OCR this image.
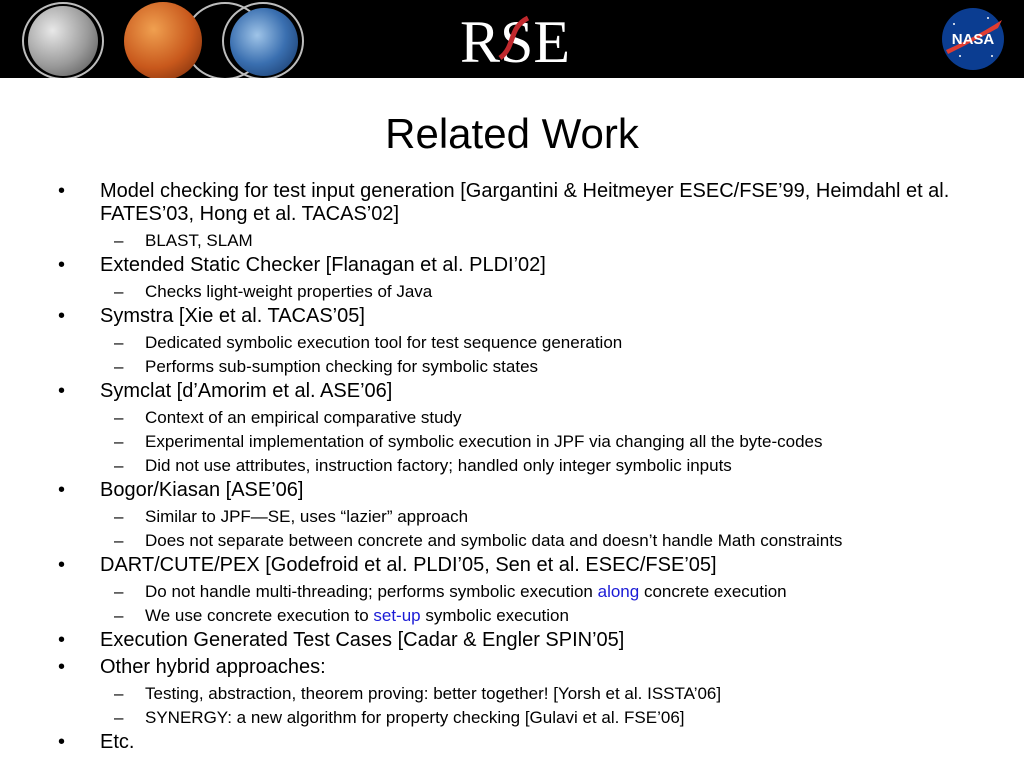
RSE	NASA
Related Work
• Model checking for test input generation [Gargantini & Heitmeyer ESEC/FSE’99, Heimdahl et al. FATES’03, Hong et al. TACAS’02]
– BLAST, SLAM
• Extended Static Checker [Flanagan et al. PLDI’02]
– Checks light-weight properties of Java
• Symstra [Xie et al. TACAS’05]
– Dedicated symbolic execution tool for test sequence generation
– Performs sub-sumption checking for symbolic states
• Symclat [d’Amorim et al. ASE’06]
– Context of an empirical comparative study
– Experimental implementation of symbolic execution in JPF via changing all the byte-codes
– Did not use attributes, instruction factory; handled only integer symbolic inputs
• Bogor/Kiasan [ASE’06]
– Similar to JPF—SE, uses “lazier” approach
– Does not separate between concrete and symbolic data and doesn’t handle Math constraints
• DART/CUTE/PEX [Godefroid et al. PLDI’05, Sen et al. ESEC/FSE’05]
– Do not handle multi-threading; performs symbolic execution along concrete execution
– We use concrete execution to set-up symbolic execution
• Execution Generated Test Cases [Cadar & Engler SPIN’05]
• Other hybrid approaches:
– Testing, abstraction, theorem proving: better together! [Yorsh et al. ISSTA’06]
– SYNERGY: a new algorithm for property checking [Gulavi et al. FSE’06]
• Etc.
